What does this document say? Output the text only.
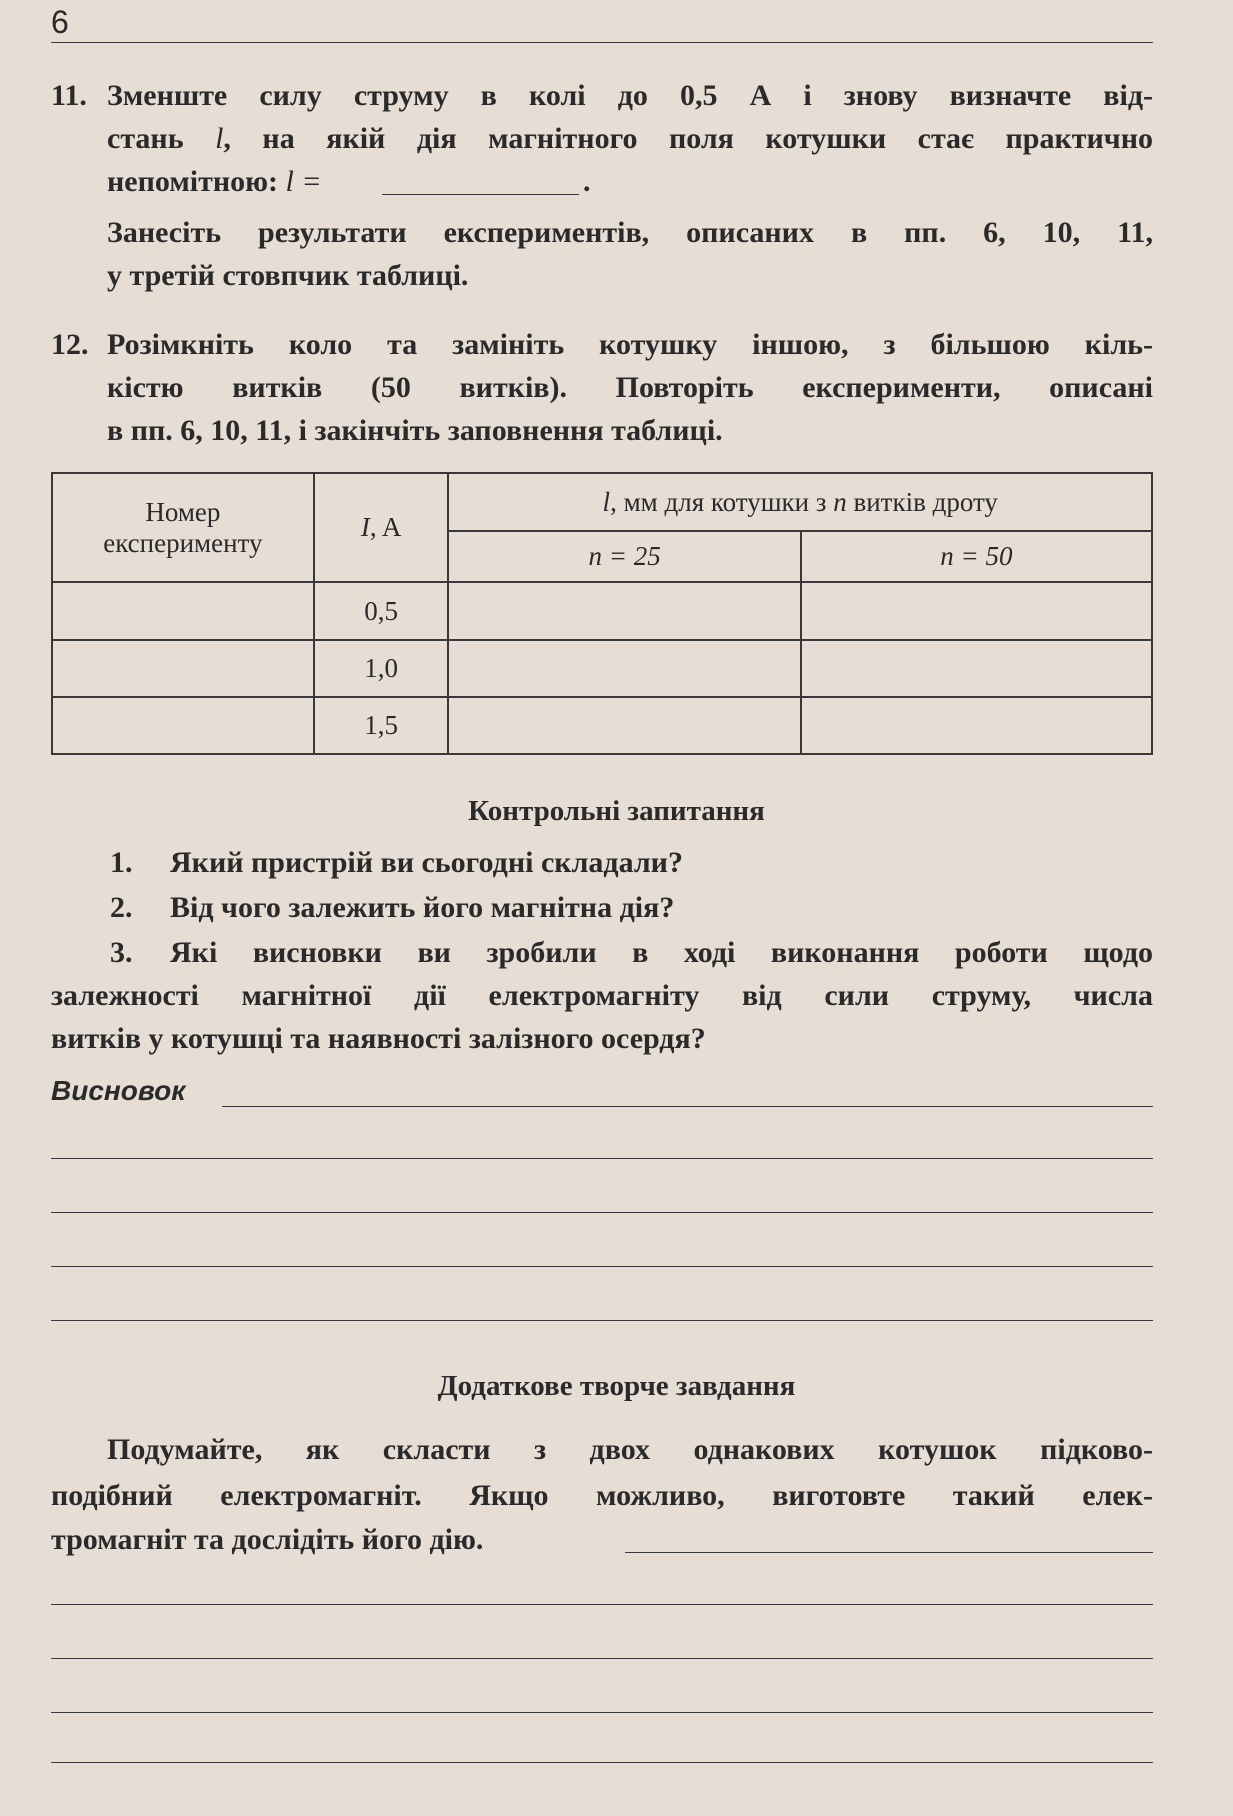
6
11. Зменште силу струму в колі до 0,5 А і знову визначте від-
стань l, на якій дія магнітного поля котушки стає практично
непомітною: l =	.
Занесіть результати експериментів, описаних в пп. 6, 10, 11,
у третій стовпчик таблиці.
12. Розімкніть коло та замініть котушку іншою, з більшою кіль-
кістю витків (50 витків). Повторіть експерименти, описані
в пп. 6, 10, 11, і закінчіть заповнення таблиці.
Номер
експерименту	I, A	l, мм для котушки з n витків дроту	
		n = 25	n = 50
	0,5		
	1,0		
	1,5		
Контрольні запитання
1. Який пристрій ви сьогодні складали?
2. Від чого залежить його магнітна дія?
3. Які висновки ви зробили в ході виконання роботи щодо
залежності магнітної дії електромагніту від сили струму, числа
витків у котушці та наявності залізного осердя?
Висновок
Додаткове творче завдання
Подумайте, як скласти з двох однакових котушок підково-
подібний електромагніт. Якщо можливо, виготовте такий елек-
тромагніт та дослідіть його дію.
